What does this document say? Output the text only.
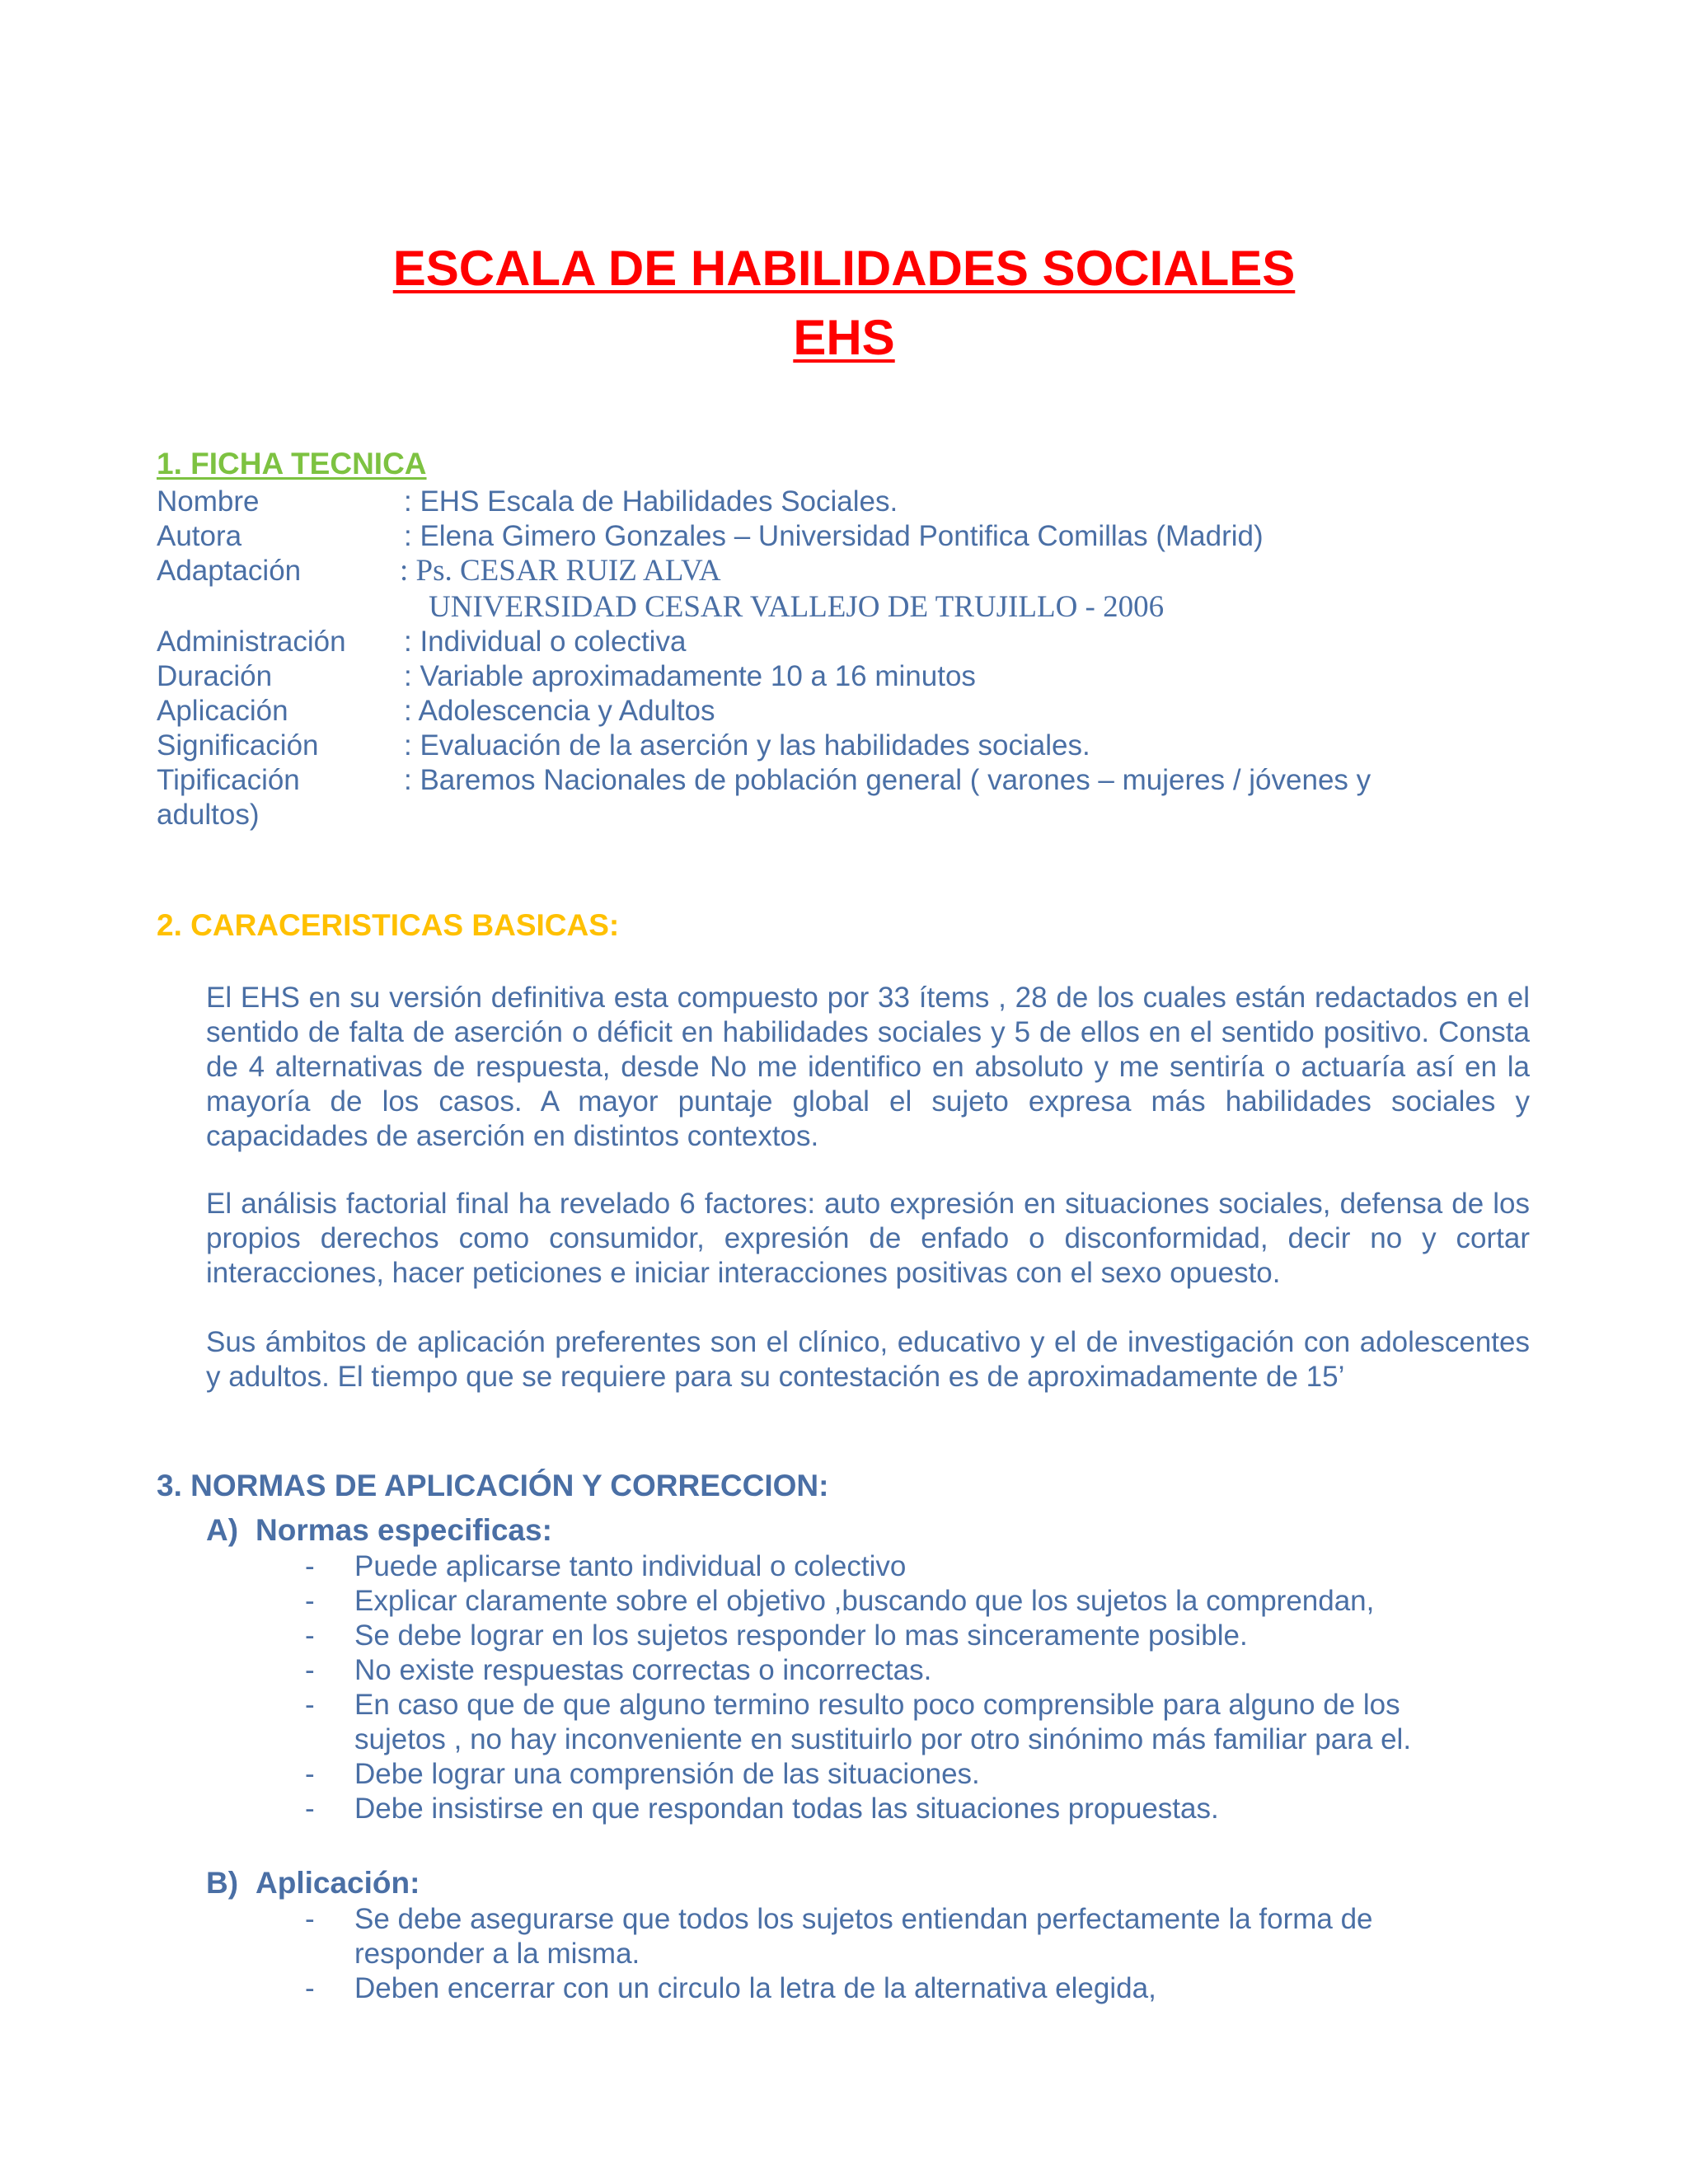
ESCALA DE HABILIDADES SOCIALES
EHS
1. FICHA TECNICA
Nombre	: EHS Escala de Habilidades Sociales.
Autora	: Elena Gimero Gonzales – Universidad Pontifica Comillas (Madrid)
Adaptación	: Ps. CESAR RUIZ ALVA
UNIVERSIDAD CESAR VALLEJO DE TRUJILLO - 2006
Administración : Individual o colectiva
Duración	: Variable aproximadamente 10 a 16 minutos
Aplicación	: Adolescencia y Adultos
Significación	: Evaluación de la aserción y las habilidades sociales.
Tipificación	: Baremos Nacionales de población general ( varones – mujeres / jóvenes y
adultos)
2. CARACERISTICAS BASICAS:

El EHS en su versión definitiva esta compuesto por 33 ítems , 28 de los cuales están redactados en el sentido de falta de aserción o déficit en habilidades sociales y 5 de ellos en el sentido positivo. Consta de 4 alternativas de respuesta, desde No me identifico en absoluto y me sentiría o actuaría así en la mayoría de los casos. A mayor puntaje global el sujeto expresa más habilidades sociales y capacidades de aserción en distintos contextos.

El análisis factorial final ha revelado 6 factores: auto expresión en situaciones sociales, defensa de los propios derechos como consumidor, expresión de enfado o disconformidad, decir no y cortar interacciones, hacer peticiones e iniciar interacciones positivas con el sexo opuesto.

Sus ámbitos de aplicación preferentes son el clínico, educativo y el de investigación con adolescentes y adultos. El tiempo que se requiere para su contestación es de aproximadamente de 15’

3. NORMAS DE APLICACIÓN Y CORRECCION:
A) Normas especificas:
- Puede aplicarse tanto individual o colectivo
- Explicar claramente sobre el objetivo ,buscando que los sujetos la comprendan,
- Se debe lograr en los sujetos responder lo mas sinceramente posible.
- No existe respuestas correctas o incorrectas.
- En caso que de que alguno termino resulto poco comprensible para alguno de los sujetos , no hay inconveniente en sustituirlo por otro sinónimo más familiar para el.
- Debe lograr una comprensión de las situaciones.
- Debe insistirse en que respondan todas las situaciones propuestas.
B) Aplicación:
- Se debe asegurarse que todos los sujetos entiendan perfectamente la forma de responder a la misma.
- Deben encerrar con un circulo la letra de la alternativa elegida,
